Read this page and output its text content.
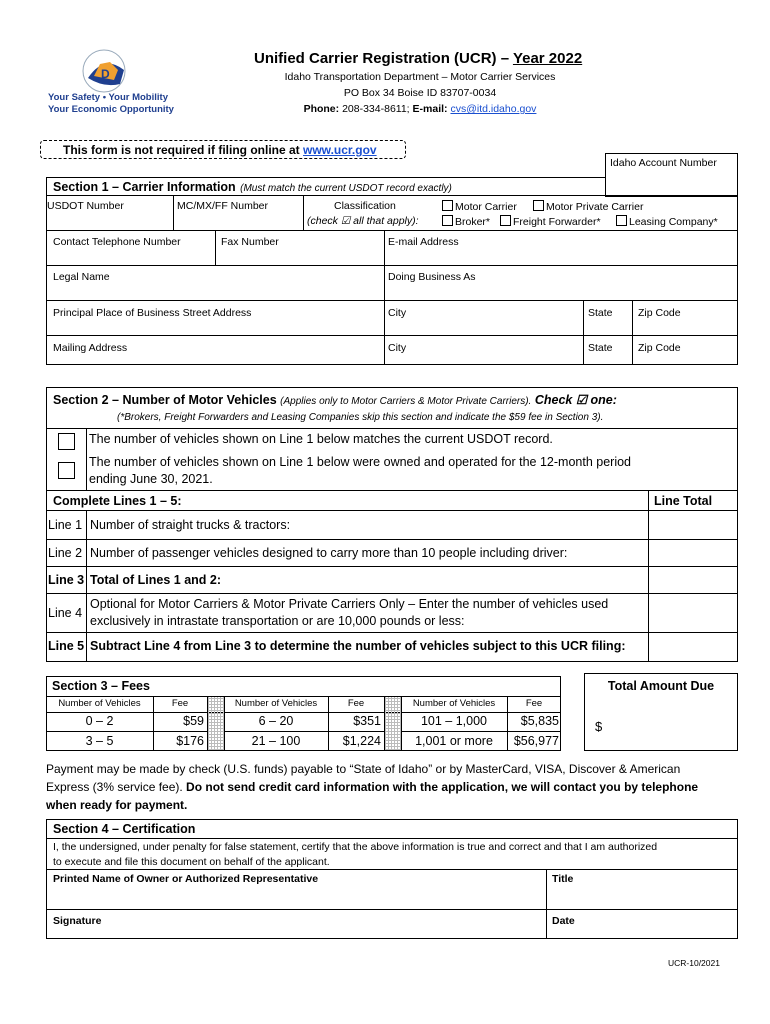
D
Your Safety • Your Mobility
Your Economic Opportunity
Unified Carrier Registration (UCR) – Year 2022
Idaho Transportation Department – Motor Carrier Services
PO Box 34 Boise ID 83707-0034
Phone: 208-334-8611; E-mail: cvs@itd.idaho.gov
This form is not required if filing online at www.ucr.gov
Idaho Account Number
Section 1 – Carrier Information (Must match the current USDOT record exactly)
USDOT Number	MC/MX/FF Number	Classification
(check ☑ all that apply):
Motor Carrier	Motor Private Carrier
Broker*	Freight Forwarder*	Leasing Company*
Contact Telephone Number	Fax Number	E-mail Address
Legal Name	Doing Business As
Principal Place of Business Street Address	City	State Zip Code
Mailing Address	City	State Zip Code
Section 2 – Number of Motor Vehicles (Applies only to Motor Carriers & Motor Private Carriers). Check ☑ one:
(*Brokers, Freight Forwarders and Leasing Companies skip this section and indicate the $59 fee in Section 3).
The number of vehicles shown on Line 1 below matches the current USDOT record.
The number of vehicles shown on Line 1 below were owned and operated for the 12-month period
ending June 30, 2021.
Complete Lines 1 – 5:	Line Total
Line 1 Number of straight trucks & tractors:
Line 2 Number of passenger vehicles designed to carry more than 10 people including driver:
Line 3 Total of Lines 1 and 2:
Line 4
Optional for Motor Carriers & Motor Private Carriers Only – Enter the number of vehicles used
exclusively in intrastate transportation or are 10,000 pounds or less:
Line 5 Subtract Line 4 from Line 3 to determine the number of vehicles subject to this UCR filing:
Section 3 – Fees
Number of Vehicles	Fee	Number of Vehicles	Fee	Number of Vehicles	Fee
0 – 2	$59	6 – 20	$351	101 – 1,000	$5,835
3 – 5	$176	21 – 100	$1,224	1,001 or more	$56,977
Total Amount Due
$
Payment may be made by check (U.S. funds) payable to “State of Idaho” or by MasterCard, VISA, Discover & American
Express (3% service fee). Do not send credit card information with the application, we will contact you by telephone
when ready for payment.
Section 4 – Certification
I, the undersigned, under penalty for false statement, certify that the above information is true and correct and that I am authorized
to execute and file this document on behalf of the applicant.
Printed Name of Owner or Authorized Representative	Title
Signature	Date
UCR-10/2021
